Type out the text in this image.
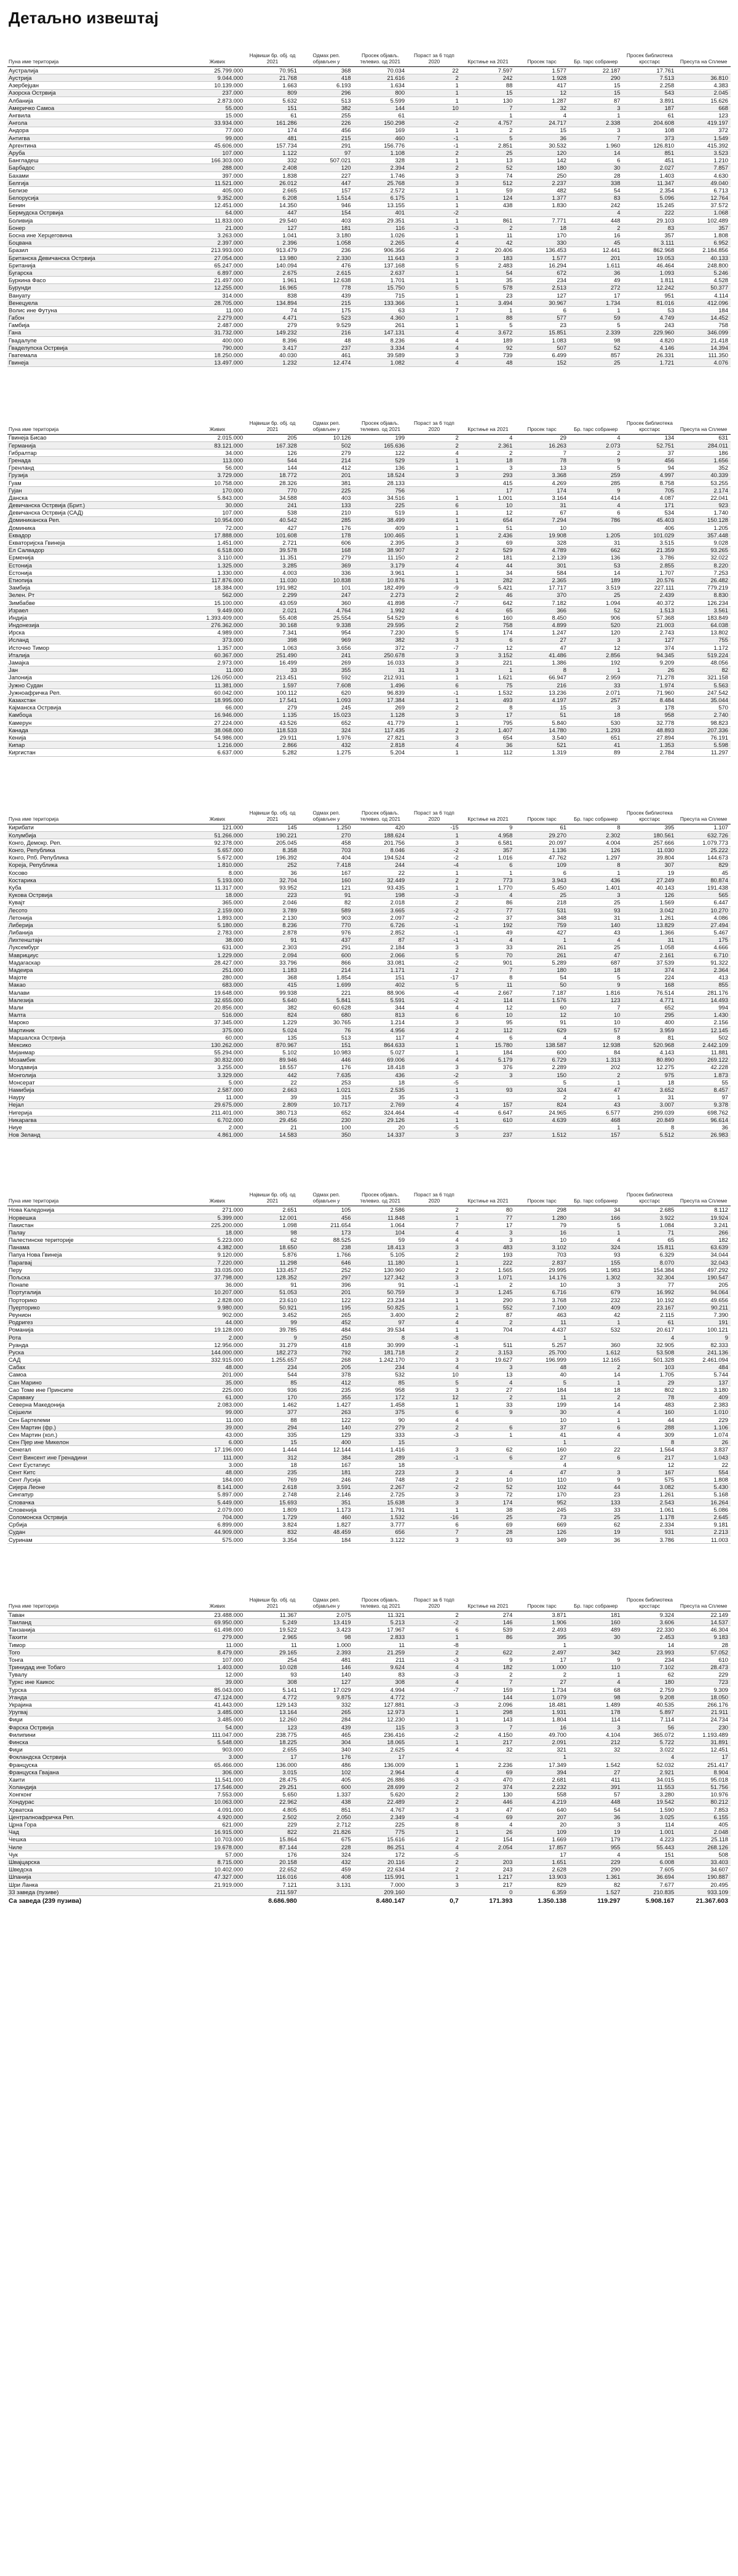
Детаљно извештај
Пуна име територија	Живих	Највиши бр. обј. од 2021	Одмах реп. објављен у	Просек објављ. телевиз. од 2021	Пораст за 6 тодп 2020	Крстиње на 2021	Просек тарс	Бр. тарс собранер	Просек библиотека крсстарс	Пресута на Сплеме
Аустралија	25.799.000	70.951	368	70.034	22	7.597	1.577	22.187	17.761	
Аустрија	9.044.000	21.768	418	21.616	2	242	1.928	290	7.513	36.810
Азербејџан	10.139.000	1.663	6.193	1.634	1	88	417	15	2.258	4.383
Азорска Острвија	237.000	809	296	800	1	15	12	15	543	2.045
Албанија	2.873.000	5.632	513	5.599	1	130	1.287	87	3.891	15.626
Америчко Самоа	55.000	151	382	144	10	7	32	3	187	668
Ангвила	15.000	61	255	61		1	4	1	61	123
Ангола	33.934.000	161.286	226	150.298	-2	4.757	24.717	2.338	204.608	419.197
Андора	77.000	174	456	169	1	2	15	3	108	372
Антигва	99.000	481	215	460	-1	5	36	7	373	1.549
Аргентина	45.606.000	157.734	291	156.776	-1	2.851	30.532	1.960	126.810	415.392
Аруба	107.000	1.122	97	1.108	2	25	120	14	851	3.523
Бангладеш	166.303.000	332	507.021	328	1	13	142	6	451	1.210
Барбадос	288.000	2.408	120	2.394	2	52	180	30	2.027	7.857
Бахами	397.000	1.838	227	1.746	3	74	250	28	1.403	4.630
Белгија	11.521.000	26.012	447	25.768	3	512	2.237	338	11.347	49.040
Белизе	405.000	2.665	157	2.572	1	59	482	54	2.354	6.713
Белорусија	9.352.000	6.208	1.514	6.175	1	124	1.377	83	5.096	12.764
Бенин	12.451.000	14.350	946	13.155	1	438	1.830	242	15.245	37.572
Бермудска Острвија	64.000	447	154	401	-2			4	222	1.068
Боливија	11.833.000	29.540	403	29.351	1	861	7.771	448	29.103	102.489
Бонер	21.000	127	181	116	-3	2	18	2	83	357
Босна ине Херцеговина	3.263.000	1.041	3.180	1.026	1	11	170	16	357	1.808
Боцвана	2.397.000	2.396	1.058	2.265	4	42	330	45	3.111	6.952
Бразил	213.993.000	913.479	236	906.356	2	20.406	136.453	12.441	862.968	2.184.856
Британска Девичанска Острвија	27.054.000	13.980	2.330	11.643	3	183	1.577	201	19.053	40.133
Британија	65.247.000	140.094	476	137.168	5	2.483	16.294	1.611	46.464	248.800
Бугарска	6.897.000	2.675	2.615	2.637	1	54	672	36	1.093	5.246
Буркина Фасо	21.497.000	1.961	12.638	1.701	1	35	234	49	1.811	4.528
Бурунди	12.255.000	16.965	778	15.750	5	578	2.513	272	12.242	50.377
Вануату	314.000	838	439	715	1	23	127	17	951	4.114
Венецуела	28.705.000	134.894	215	133.366	1	3.494	30.967	1.734	81.016	412.096
Волис ине Футуна	11.000	74	175	63	7	1	6	1	53	184
Габон	2.279.000	4.471	523	4.360	1	88	577	59	4.749	14.452
Гамбија	2.487.000	279	9.529	261	1	5	23	5	243	758
Гана	31.732.000	149.232	216	147.131	4	3.672	15.851	2.339	229.960	346.099
Гвадалупе	400.000	8.396	48	8.236	4	189	1.083	98	4.820	21.418
Гваделупска Острвија	790.000	3.417	237	3.334	4	92	507	52	4.146	14.394
Гватемала	18.250.000	40.030	461	39.589	3	739	6.499	857	26.331	111.350
Гвинеја	13.497.000	1.232	12.474	1.082	4	48	152	25	1.721	4.076
Пуна име територија	Живих	Највиши бр. обј. од 2021	Одмах реп. објављен у	Просек објављ. телевиз. од 2021	Пораст за 6 тодп 2020	Крстиње на 2021	Просек тарс	Бр. тарс собранер	Просек библиотека крсстарс	Пресута на Сплеме
Гвинеја Бисао	2.015.000	205	10.126	199	2	4	29	4	134	631
Германија	83.121.000	167.328	502	165.636	2	2.361	16.263	2.073	52.751	284.011
Гибралтар	34.000	126	279	122	4	2	7	2	37	186
Гренада	113.000	544	214	529	1	18	78	9	456	1.656
Гренланд	56.000	144	412	136	1	3	13	5	94	352
Грузија	3.729.000	18.772	201	18.524	3	293	3.368	259	4.997	40.339
Гуам	10.758.000	28.326	381	28.133		415	4.269	285	8.758	53.255
Гујан	170.000	770	225	756		17	174	9	705	2.174
Данска	5.843.000	34.588	403	34.516	1	1.001	3.164	414	4.087	22.041
Девичанска Острвија (Брит.)	30.000	241	133	225	6	10	31	4	171	923
Девичанска Острвија (САД)	107.000	538	210	519	1	12	67	6	534	1.740
Доминиканска Реп.	10.954.000	40.542	285	38.499	1	654	7.294	786	45.403	150.128
Доминика	72.000	427	176	409	1	51	10		406	1.205
Еквадор	17.888.000	101.608	178	100.465	1	2.436	19.908	1.205	101.029	357.448
Екваторијска Гвинеја	1.451.000	2.721	606	2.395	3	69	328	31	3.515	9.028
Ел Салвадор	6.518.000	39.578	168	38.907	2	529	4.789	662	21.359	93.265
Ерменија	3.110.000	11.351	279	11.150	2	181	2.139	136	3.786	32.022
Естонија	1.325.000	3.285	369	3.179	4	44	301	53	2.855	8.220
Естонија	1.330.000	4.003	336	3.961	1	34	584	14	1.707	7.253
Етиопија	117.876.000	11.030	10.838	10.876	1	282	2.365	189	20.576	26.482
Замбија	18.384.000	191.982	101	182.499	-9	5.421	17.717	3.519	227.111	779.219
Зелен. Рт	562.000	2.299	247	2.273	2	46	370	25	2.439	8.830
Зимбабве	15.100.000	43.059	360	41.898	-7	642	7.182	1.094	40.372	126.234
Израел	9.449.000	2.021	4.764	1.992	4	65	366	52	1.513	3.561
Индија	1.393.409.000	55.408	25.554	54.529	6	160	8.450	906	57.368	183.849
Индонезија	276.362.000	30.168	9.338	29.595	2	758	4.899	520	21.003	64.038
Ирска	4.989.000	7.341	954	7.230	5	174	1.247	120	2.743	13.802
Исланд	373.000	398	969	382	3	6	27	3	127	755
Источно Тимор	1.357.000	1.063	3.656	372	-7	12	47	12	374	1.172
Италија	60.367.000	251.490	241	250.678	3	3.152	41.486	2.856	94.345	519.224
Јамајка	2.973.000	16.499	269	16.033	3	221	1.386	192	9.209	48.056
Јан	11.000	33	355	31	3	1	8	1	26	82
Јапонија	126.050.000	213.451	592	212.931	1	1.621	66.947	2.959	71.278	321.158
Јужно Судан	11.381.000	1.597	7.608	1.496	6	75	216	33	1.974	5.563
Јужноафричка Реп.	60.042.000	100.112	620	96.839	-1	1.532	13.236	2.071	71.960	247.542
Казахстан	18.995.000	17.541	1.093	17.384	1	493	4.197	257	8.484	35.044
Кајманска Острвија	66.000	279	245	269	2	8	15	3	178	570
Камбоџа	16.946.000	1.135	15.023	1.128	3	17	51	18	958	2.740
Камерун	27.224.000	43.526	652	41.779	1	795	5.840	530	32.778	98.823
Канада	38.068.000	118.533	324	117.435	2	1.407	14.780	1.293	48.893	207.336
Кенија	54.986.000	29.911	1.976	27.821	3	654	3.540	651	27.894	76.191
Кипар	1.216.000	2.866	432	2.818	4	36	521	41	1.353	5.598
Киргистан	6.637.000	5.282	1.275	5.204	1	112	1.319	89	2.784	11.297
Пуна име територија	Живих	Највиши бр. обј. од 2021	Одмах реп. објављен у	Просек објављ. телевиз. од 2021	Пораст за 6 тодп 2020	Крстиње на 2021	Просек тарс	Бр. тарс собранер	Просек библиотека крсстарс	Пресута на Сплеме
Кирибати	121.000	145	1.250	420	-15	9	61	8	395	1.107
Колумбија	51.266.000	190.221	270	188.624	1	4.958	29.270	2.302	180.561	632.726
Конго, Демокр. Реп.	92.378.000	205.045	458	201.756	3	6.581	20.097	4.004	257.666	1.079.773
Конго, Република	5.657.000	8.358	703	8.046	-2	357	1.136	126	11.030	25.222
Конго, Рпб. Република	5.672.000	196.392	404	194.524	-2	1.016	47.762	1.297	39.804	144.673
Кореја, Република	1.810.000	252	7.418	244	-4	6	109	8	307	829
Косово	8.000	36	167	22	1	1	6	1	19	45
Костарика	5.193.000	32.704	160	32.449	2	773	3.943	436	27.249	80.874
Куба	11.317.000	93.952	121	93.435	1	1.770	5.450	1.401	40.143	191.438
Кукова Острвија	18.000	223	91	198	-3	4	25	3	126	565
Кувајт	365.000	2.046	82	2.018	2	86	218	25	1.569	6.447
Лесото	2.159.000	3.789	589	3.665	-2	77	531	93	3.042	10.270
Летонија	1.893.000	2.130	903	2.097	-2	37	348	31	1.261	4.086
Либерија	5.180.000	8.236	770	6.726	-1	192	759	140	13.829	27.494
Либанија	2.783.000	2.878	976	2.852	-1	49	427	43	1.366	5.467
Лихтенштајн	38.000	91	437	87	-1	4	1	4	31	175
Луксембург	631.000	2.303	291	2.184	3	33	261	25	1.058	4.666
Маврициус	1.229.000	2.094	600	2.066	5	70	261	47	2.161	6.710
Мадагаскар	28.427.000	33.796	866	33.081	-2	901	5.289	687	37.539	91.322
Мадеира	251.000	1.183	214	1.171	2	7	180	18	374	2.364
Мајоте	280.000	368	1.854	151	-17	8	54	5	224	413
Макао	683.000	415	1.699	402	5	11	50	9	168	855
Малави	19.648.000	99.938	221	88.906	-4	2.667	7.187	1.816	76.514	281.176
Малезија	32.655.000	5.640	5.841	5.591	-2	114	1.576	123	4.771	14.493
Мали	20.856.000	382	60.628	344	4	12	60	7	652	994
Малта	516.000	824	680	813	6	10	12	10	295	1.430
Мароко	37.345.000	1.229	30.765	1.214	3	95	91	10	400	2.156
Мартиник	375.000	5.024	76	4.956	2	112	629	57	3.959	12.145
Маршалска Острвија	60.000	135	513	117	4	6	4	8	81	502
Мексико	130.262.000	870.967	151	864.633	1	15.780	138.587	12.938	520.968	2.442.109
Мијанмар	55.294.000	5.102	10.983	5.027	1	184	600	84	4.143	11.881
Мозамбик	30.832.000	89.946	446	69.006	4	5.179	6.729	1.313	80.890	269.122
Молдавија	3.255.000	18.557	176	18.418	3	376	2.289	202	12.275	42.228
Монголија	3.329.000	442	7.635	436	-2	3	150	2	975	1.873
Монсерат	5.000	22	253	18	-5		5	1	18	55
Намибија	2.587.000	2.663	1.021	2.535	1	93	324	47	3.652	8.457
Науру	11.000	39	315	35	-3		2	1	31	97
Нејал	29.675.000	2.809	10.717	2.769	4	157	824	43	3.007	9.378
Нигерија	211.401.000	380.713	652	324.464	-4	6.647	24.965	6.577	299.039	698.762
Никарагва	6.702.000	29.456	230	29.126	1	610	4.639	468	20.849	96.614
Ниуе	2.000	21	100	20	-5			1	8	36
Нов Зеланд	4.861.000	14.583	350	14.337	3	237	1.512	157	5.512	26.983
Пуна име територија	Живих	Највиши бр. обј. од 2021	Одмах реп. објављен у	Просек објављ. телевиз. од 2021	Пораст за 6 тодп 2020	Крстиње на 2021	Просек тарс	Бр. тарс собранер	Просек библиотека крсстарс	Пресута на Сплеме
Нова Каледонија	271.000	2.651	105	2.586	2	80	298	34	2.685	8.112
Норвешка	5.399.000	12.001	456	11.848	1	77	1.280	166	3.922	19.924
Пакистан	225.200.000	1.098	211.654	1.064	7	17	79	5	1.084	3.241
Палау	18.000	98	173	104	4	3	16	1	71	266
Палестинске територије	5.223.000	62	88.525	59	4	3	10	4	65	182
Панама	4.382.000	18.650	238	18.413	3	483	3.102	324	15.811	63.639
Папуа Нова Гвинеја	9.120.000	5.876	1.766	5.105	2	193	703	93	6.329	34.044
Парагвај	7.220.000	11.298	646	11.180	1	222	2.837	155	8.070	32.043
Перу	33.035.000	133.457	252	130.960	2	1.565	29.995	1.983	154.384	497.292
Пољска	37.798.000	128.352	297	127.342	3	1.071	14.176	1.302	32.304	190.547
Понапе	36.000	91	396	91	-1	2	10	3	77	205
Португалија	10.207.000	51.053	201	50.759	3	1.245	6.716	679	16.992	94.064
Порторико	2.828.000	23.610	122	23.234	1	290	3.768	232	10.192	49.656
Пуерторико	9.980.000	50.921	195	50.825	1	552	7.100	409	23.167	90.211
Реунион	902.000	3.452	265	3.400	2	87	463	42	2.115	7.390
Родригез	44.000	99	452	97	4	2	11	1	61	191
Романија	19.128.000	39.785	484	39.534	1	704	4.437	532	20.617	100.121
Рота	2.000	9	250	8	-8		1		4	9
Руанда	12.956.000	31.279	418	30.999	-1	511	5.257	360	32.905	82.333
Руска	144.000.000	182.273	792	181.718	2	3.153	25.700	1.612	53.508	241.136
САД	332.915.000	1.255.657	268	1.242.170	3	19.627	196.999	12.165	501.328	2.461.094
Сабах	48.000	234	205	234	4	3	48	2	103	484
Самоа	201.000	544	378	532	10	13	40	14	1.705	5.744
Сан Марино	35.000	85	412	85	5	4	5	1	29	137
Сао Томе ине Принсипе	225.000	936	235	958	3	27	184	18	802	3.180
Сараваку	61.000	170	355	172	12	2	11	2	78	409
Северна Македонија	2.083.000	1.462	1.427	1.458	1	33	199	14	483	2.383
Сејшели	99.000	377	263	375	6	9	30	4	160	1.010
Сен Бартелеми	11.000	88	122	90	4		10	1	44	229
Сен Мартин (фр.)	39.000	294	140	279	2	6	37	6	288	1.106
Сен Мартин (хол.)	43.000	335	129	333	-3	1	41	4	309	1.074
Сен Пјер ине Микелон	6.000	15	400	15			1		8	26
Сенегал	17.196.000	1.444	12.144	1.416	3	62	160	22	1.564	3.837
Сент Винсент ине Гренадини	111.000	312	384	289	-1	6	27	6	217	1.043
Сент Еустатиус	3.000	18	167	18			4		12	22
Сент Китс	48.000	235	181	223	3	4	47	3	167	554
Сент Лусија	184.000	769	246	748	2	10	110	9	575	1.808
Сијера Леоне	8.141.000	2.618	3.591	2.267	-2	52	102	44	3.082	5.430
Сингапур	5.897.000	2.748	2.146	2.725	3	72	170	23	1.261	5.168
Словачка	5.449.000	15.693	351	15.638	3	174	952	133	2.543	16.264
Словенија	2.079.000	1.809	1.173	1.791	1	38	245	33	1.061	5.086
Соломонска Острвија	704.000	1.729	460	1.532	-16	25	73	25	1.178	2.645
Србија	6.899.000	3.824	1.827	3.777	6	69	669	62	2.334	9.181
Судан	44.909.000	832	48.459	656	7	28	126	19	931	2.213
Суринам	575.000	3.354	184	3.122	3	93	349	36	3.786	11.003
Пуна име територија	Живих	Највиши бр. обј. од 2021	Одмах реп. објављен у	Просек објављ. телевиз. од 2021	Пораст за 6 тодп 2020	Крстиње на 2021	Просек тарс	Бр. тарс собранер	Просек библиотека крсстарс	Пресута на Сплеме
Таван	23.488.000	11.367	2.075	11.321	2	274	3.871	181	9.324	22.149
Таиланд	69.950.000	5.249	13.419	5.213	-2	146	1.906	160	3.606	14.537
Танзанија	61.498.000	19.522	3.423	17.967	6	539	2.493	489	22.330	46.304
Тахити	279.000	2.965	98	2.833	1	86	395	30	2.453	9.183
Тимор	11.000	11	1.000	11	-8		1		14	28
Того	8.479.000	29.165	2.393	21.259	2	622	2.497	342	23.993	57.052
Тонга	107.000	254	481	211	-3	9	17	9	234	610
Тринидад ине Тобаго	1.403.000	10.028	146	9.624	4	182	1.000	110	7.102	28.473
Тувалу	12.000	93	140	83	-3	2	2	1	62	229
Туркс ине Каикос	39.000	308	127	308	4	7	27	4	180	723
Турска	85.043.000	5.141	17.029	4.994	-7	159	1.734	68	2.759	9.309
Уганда	47.124.000	4.772	9.875	4.772		144	1.079	98	9.208	18.050
Украјина	41.443.000	129.143	332	127.881	-3	2.096	18.481	1.489	40.535	266.176
Уругвај	3.485.000	13.164	265	12.973	1	298	1.931	178	5.897	21.911
Фиџи	3.485.000	12.260	284	12.230	1	143	1.804	114	7.114	24.734
Фарска Острвија	54.000	123	439	115	3	7	16	3	56	230
Филипини	111.047.000	238.775	465	236.416	-2	4.150	49.700	4.104	365.072	1.193.489
Финска	5.548.000	18.225	304	18.065	1	217	2.091	212	5.722	31.891
Фиџи	903.000	2.655	340	2.625	4	32	321	32	3.022	12.451
Фокландска Острвија	3.000	17	176	17			1		4	17
Француска	65.466.000	136.000	486	136.009	1	2.236	17.349	1.542	52.032	251.417
Француска Гвајана	306.000	3.015	102	2.964	4	69	394	27	2.921	8.904
Хаити	11.541.000	28.475	405	26.886	-3	470	2.681	411	34.015	95.018
Холандија	17.546.000	29.251	600	28.699	2	374	2.232	391	11.553	51.756
Хонгконг	7.553.000	5.650	1.337	5.620	2	130	558	57	3.280	10.976
Хондурас	10.063.000	22.962	438	22.489	2	446	4.219	448	19.542	80.212
Хрватска	4.091.000	4.805	851	4.767	3	47	640	54	1.590	7.853
Централноафричка Реп.	4.920.000	2.502	2.050	2.349	-4	69	207	36	3.025	6.155
Црна Гора	621.000	229	2.712	225	8	4	20	3	114	405
Чад	16.915.000	822	21.826	775	1	26	109	19	1.001	2.048
Чешка	10.703.000	15.864	675	15.616	2	154	1.669	179	4.223	25.118
Чиле	19.678.000	87.144	228	86.251	4	2.054	17.857	955	55.443	268.126
Чук	57.000	176	324	172	-5		17	4	151	508
Швајцарска	8.715.000	20.158	432	20.116	2	203	1.651	229	6.008	33.403
Шведска	10.402.000	22.652	459	22.634	2	243	2.628	290	7.605	34.607
Шпанија	47.327.000	116.016	408	115.991	1	1.217	13.903	1.361	36.694	190.887
Шри Ланка	21.919.000	7.121	3.131	7.000	3	217	829	82	7.677	20.495
33 заведа (пузиве)		211.597		209.160		0	6.359	1.527	210.835	933.109
Са заведа (239 пузива)		8.686.980		8.480.147	0,7	171.393	1.350.138	119.297	5.908.167	21.367.603
